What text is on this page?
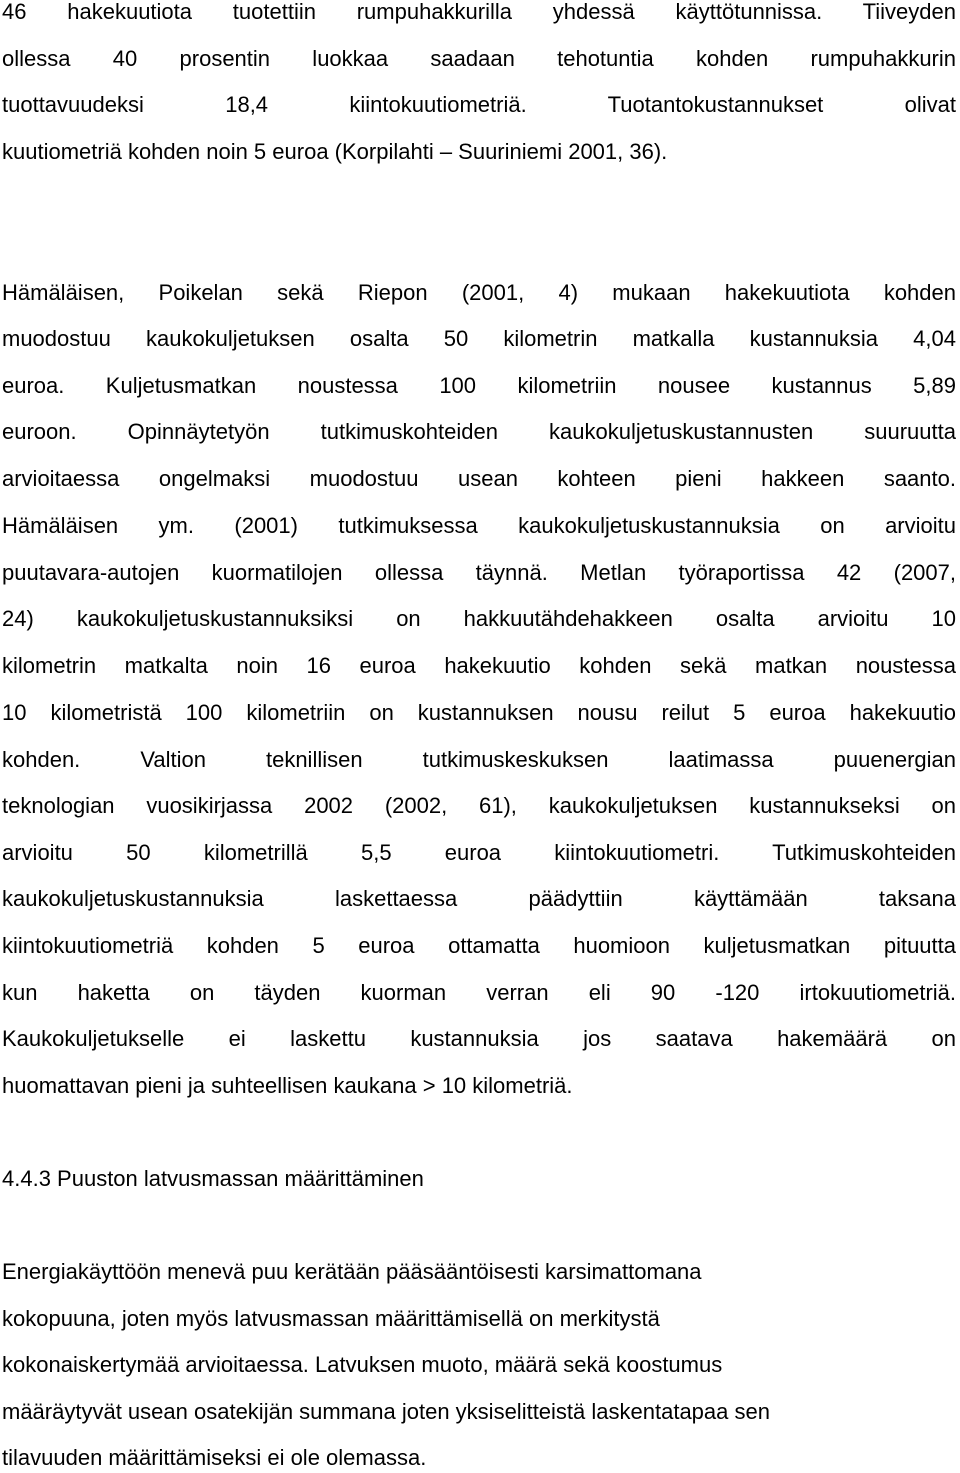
46 hakekuutiota tuotettiin rumpuhakkurilla yhdessä käyttötunnissa. Tiiveyden
ollessa 40 prosentin luokkaa saadaan tehotuntia kohden rumpuhakkurin
tuottavuudeksi 18,4 kiintokuutiometriä. Tuotantokustannukset olivat
kuutiometriä kohden noin 5 euroa (Korpilahti – Suuriniemi 2001, 36).
Hämäläisen, Poikelan sekä Riepon (2001, 4) mukaan hakekuutiota kohden
muodostuu kaukokuljetuksen osalta 50 kilometrin matkalla kustannuksia 4,04
euroa. Kuljetusmatkan noustessa 100 kilometriin nousee kustannus 5,89
euroon. Opinnäytetyön tutkimuskohteiden kaukokuljetuskustannusten suuruutta
arvioitaessa ongelmaksi muodostuu usean kohteen pieni hakkeen saanto.
Hämäläisen ym. (2001) tutkimuksessa kaukokuljetuskustannuksia on arvioitu
puutavara-autojen kuormatilojen ollessa täynnä. Metlan työraportissa 42 (2007,
24) kaukokuljetuskustannuksiksi on hakkuutähdehakkeen osalta arvioitu 10
kilometrin matkalta noin 16 euroa hakekuutio kohden sekä matkan noustessa
10 kilometristä 100 kilometriin on kustannuksen nousu reilut 5 euroa hakekuutio
kohden. Valtion teknillisen tutkimuskeskuksen laatimassa puuenergian
teknologian vuosikirjassa 2002 (2002, 61), kaukokuljetuksen kustannukseksi on
arvioitu 50 kilometrillä 5,5 euroa kiintokuutiometri. Tutkimuskohteiden
kaukokuljetuskustannuksia laskettaessa päädyttiin käyttämään taksana
kiintokuutiometriä kohden 5 euroa ottamatta huomioon kuljetusmatkan pituutta
kun haketta on täyden kuorman verran eli 90 -120 irtokuutiometriä.
Kaukokuljetukselle ei laskettu kustannuksia jos saatava hakemäärä on
huomattavan pieni ja suhteellisen kaukana > 10 kilometriä.
4.4.3 Puuston latvusmassan määrittäminen
Energiakäyttöön menevä puu kerätään pääsääntöisesti karsimattomana
kokopuuna, joten myös latvusmassan määrittämisellä on merkitystä
kokonaiskertymää arvioitaessa. Latvuksen muoto, määrä sekä koostumus
määräytyvät usean osatekijän summana joten yksiselitteistä laskentatapaa sen
tilavuuden määrittämiseksi ei ole olemassa.
